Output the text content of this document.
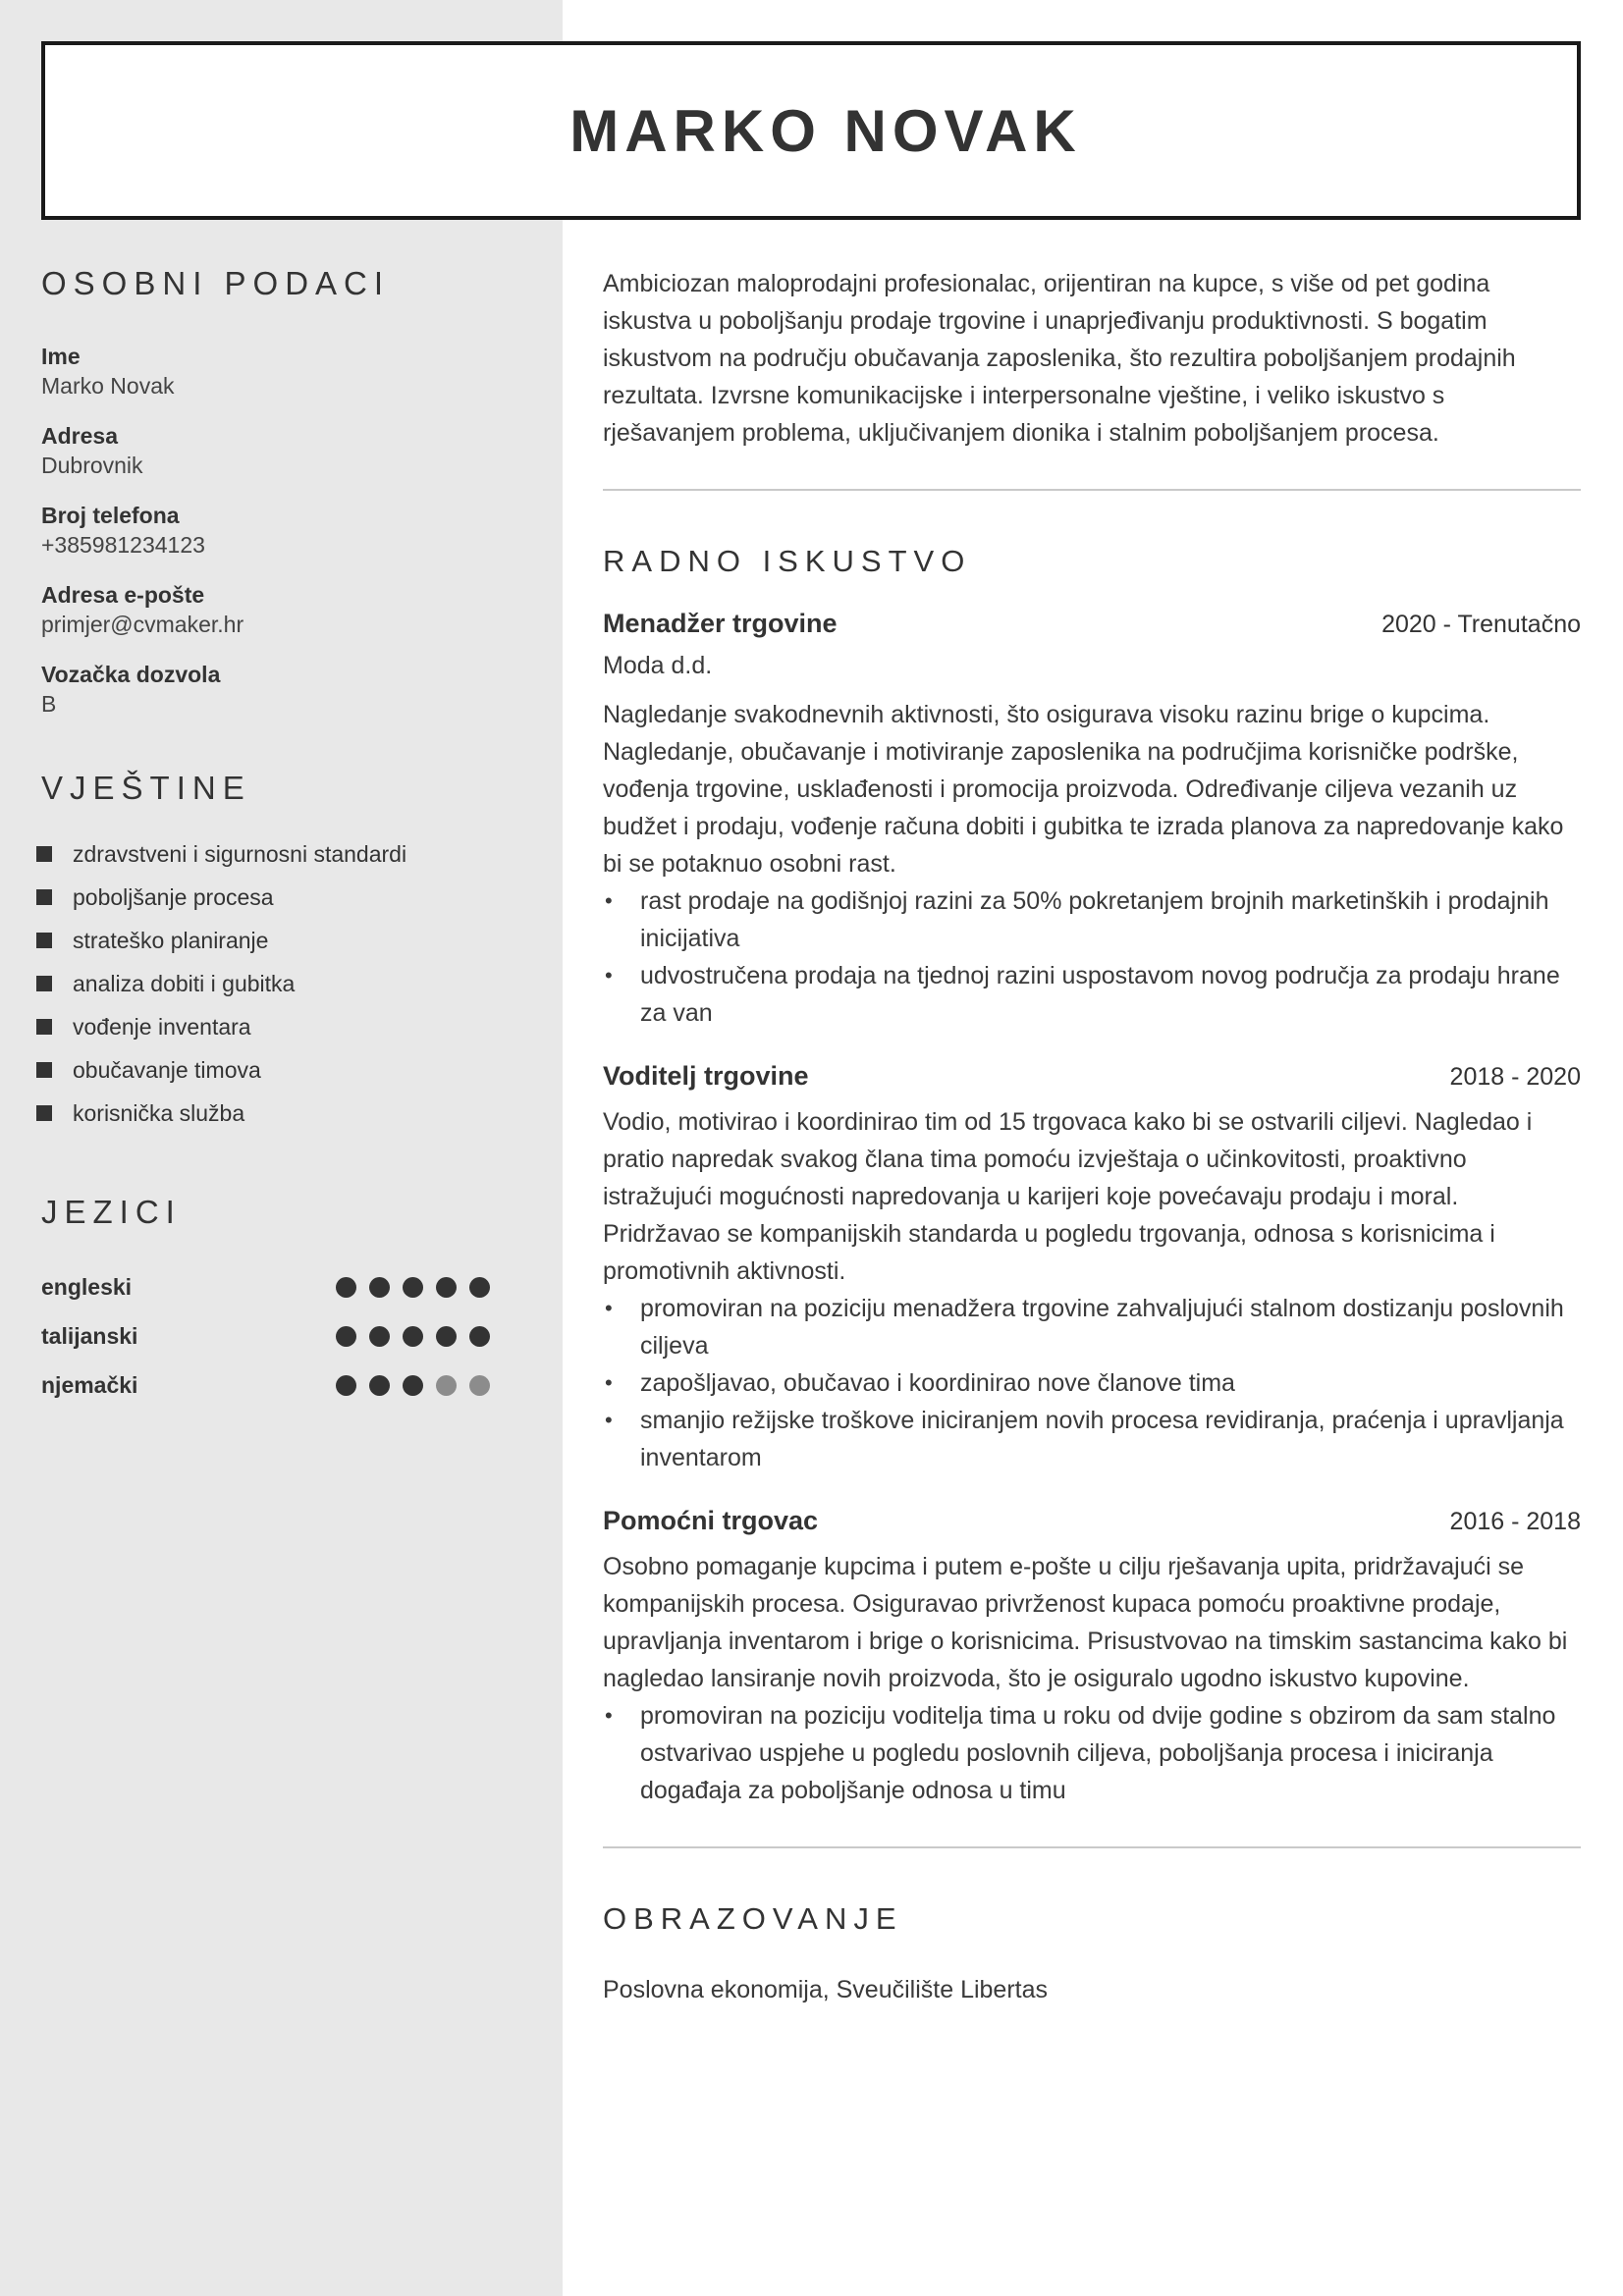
MARKO NOVAK
OSOBNI PODACI
Ime
Marko Novak
Adresa
Dubrovnik
Broj telefona
+385981234123
Adresa e-pošte
primjer@cvmaker.hr
Vozačka dozvola
B
VJEŠTINE
zdravstveni i sigurnosni standardi
poboljšanje procesa
strateško planiranje
analiza dobiti i gubitka
vođenje inventara
obučavanje timova
korisnička služba
JEZICI
engleski
talijanski
njemački

Ambiciozan maloprodajni profesionalac, orijentiran na kupce, s više od pet godina iskustva u poboljšanju prodaje trgovine i unaprjeđivanju produktivnosti. S bogatim iskustvom na području obučavanja zaposlenika, što rezultira poboljšanjem prodajnih rezultata. Izvrsne komunikacijske i interpersonalne vještine, i veliko iskustvo s rješavanjem problema, uključivanjem dionika i stalnim poboljšanjem procesa.

RADNO ISKUSTVO
Menadžer trgovine	2020 - Trenutačno
Moda d.d.
Nagledanje svakodnevnih aktivnosti, što osigurava visoku razinu brige o kupcima. Nagledanje, obučavanje i motiviranje zaposlenika na područjima korisničke podrške, vođenja trgovine, usklađenosti i promocija proizvoda. Određivanje ciljeva vezanih uz budžet i prodaju, vođenje računa dobiti i gubitka te izrada planova za napredovanje kako bi se potaknuo osobni rast.
• rast prodaje na godišnjoj razini za 50% pokretanjem brojnih marketinških i prodajnih inicijativa
• udvostručena prodaja na tjednoj razini uspostavom novog područja za prodaju hrane za van
Voditelj trgovine	2018 - 2020
Vodio, motivirao i koordinirao tim od 15 trgovaca kako bi se ostvarili ciljevi. Nagledao i pratio napredak svakog člana tima pomoću izvještaja o učinkovitosti, proaktivno istražujući mogućnosti napredovanja u karijeri koje povećavaju prodaju i moral. Pridržavao se kompanijskih standarda u pogledu trgovanja, odnosa s korisnicima i promotivnih aktivnosti.
• promoviran na poziciju menadžera trgovine zahvaljujući stalnom dostizanju poslovnih ciljeva
• zapošljavao, obučavao i koordinirao nove članove tima
• smanjio režijske troškove iniciranjem novih procesa revidiranja, praćenja i upravljanja inventarom
Pomoćni trgovac	2016 - 2018
Osobno pomaganje kupcima i putem e-pošte u cilju rješavanja upita, pridržavajući se kompanijskih procesa. Osiguravao privrženost kupaca pomoću proaktivne prodaje, upravljanja inventarom i brige o korisnicima. Prisustvovao na timskim sastancima kako bi nagledao lansiranje novih proizvoda, što je osiguralo ugodno iskustvo kupovine.
• promoviran na poziciju voditelja tima u roku od dvije godine s obzirom da sam stalno ostvarivao uspjehe u pogledu poslovnih ciljeva, poboljšanja procesa i iniciranja događaja za poboljšanje odnosa u timu
OBRAZOVANJE
Poslovna ekonomija, Sveučilište Libertas
